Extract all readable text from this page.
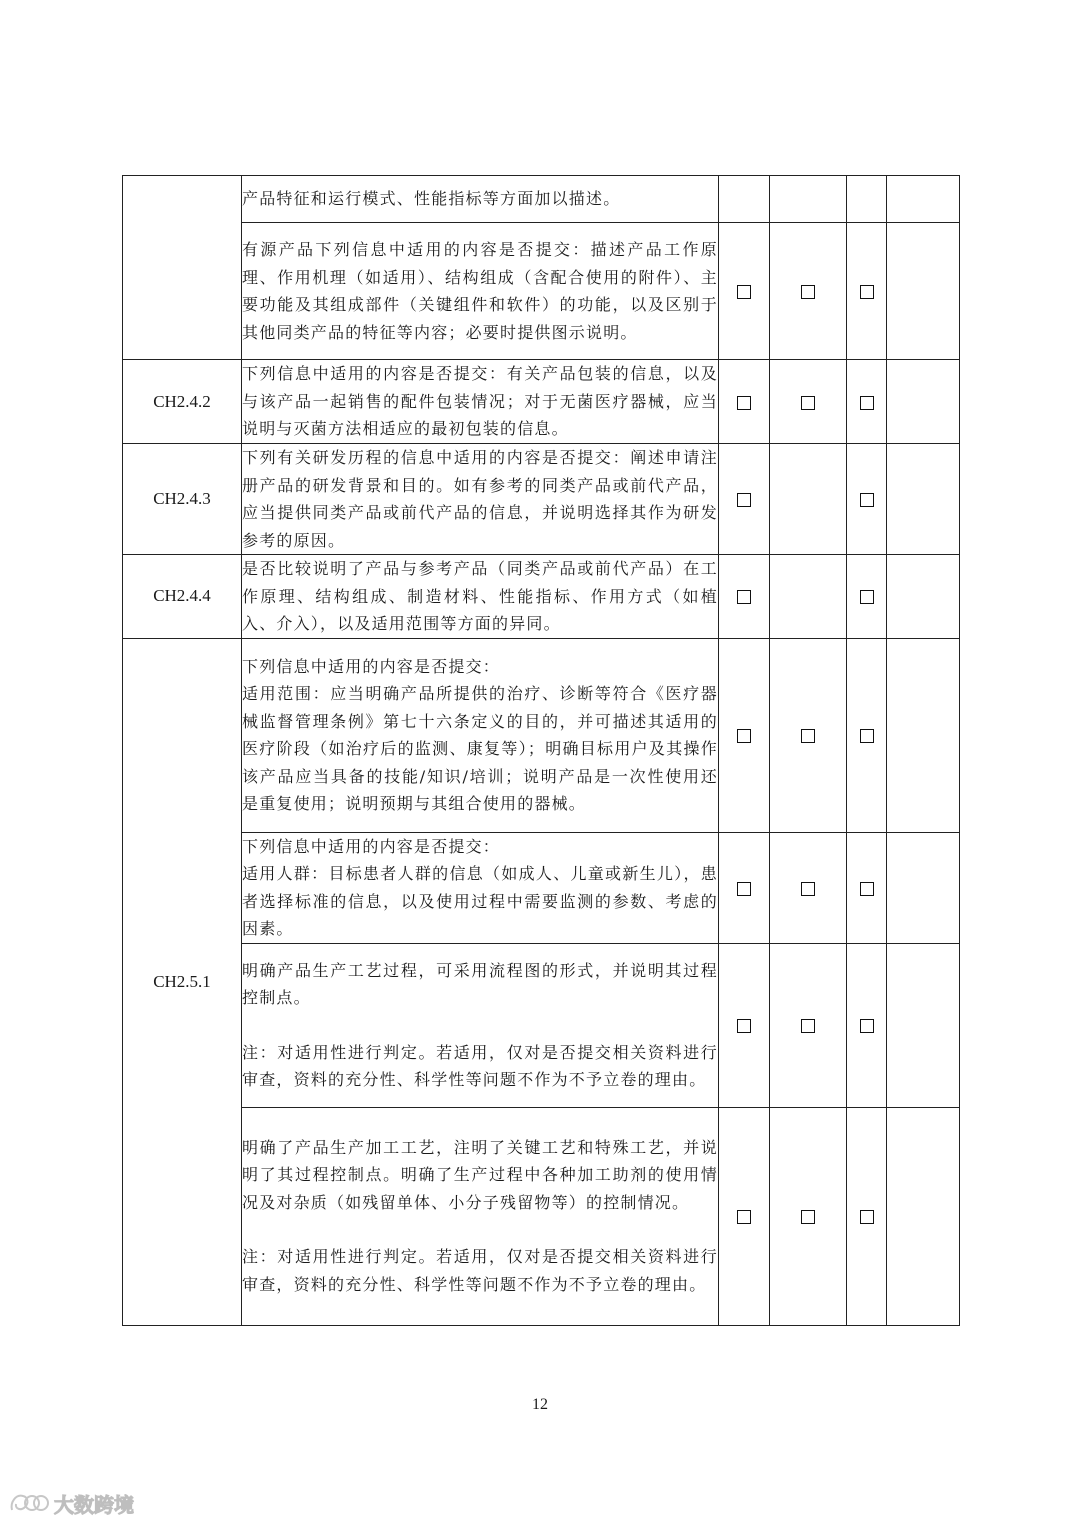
	产品特征和运行模式、性能指标等方面加以描述。				

	有源产品下列信息中适用的内容是否提交：描述产品工作原理、作用机理（如适用）、结构组成（含配合使用的附件）、主要功能及其组成部件（关键组件和软件）的功能，以及区别于其他同类产品的特征等内容；必要时提供图示说明。				

CH2.4.2	下列信息中适用的内容是否提交：有关产品包装的信息，以及与该产品一起销售的配件包装情况；对于无菌医疗器械，应当说明与灭菌方法相适应的最初包装的信息。				

CH2.4.3	下列有关研发历程的信息中适用的内容是否提交：阐述申请注册产品的研发背景和目的。如有参考的同类产品或前代产品，应当提供同类产品或前代产品的信息，并说明选择其作为研发参考的原因。				

CH2.4.4	是否比较说明了产品与参考产品（同类产品或前代产品）在工作原理、结构组成、制造材料、性能指标、作用方式（如植入、介入），以及适用范围等方面的异同。				

CH2.5.1	下列信息中适用的内容是否提交：
适用范围：应当明确产品所提供的治疗、诊断等符合《医疗器械监督管理条例》第七十六条定义的目的，并可描述其适用的医疗阶段（如治疗后的监测、康复等）；明确目标用户及其操作该产品应当具备的技能/知识/培训；说明产品是一次性使用还是重复使用；说明预期与其组合使用的器械。				

	下列信息中适用的内容是否提交：
适用人群：目标患者人群的信息（如成人、儿童或新生儿），患者选择标准的信息，以及使用过程中需要监测的参数、考虑的因素。				

	明确产品生产工艺过程，可采用流程图的形式，并说明其过程控制点。
注：对适用性进行判定。若适用，仅对是否提交相关资料进行审查，资料的充分性、科学性等问题不作为不予立卷的理由。				

	明确了产品生产加工工艺，注明了关键工艺和特殊工艺，并说明了其过程控制点。明确了生产过程中各种加工助剂的使用情况及对杂质（如残留单体、小分子残留物等）的控制情况。
注：对适用性进行判定。若适用，仅对是否提交相关资料进行审查，资料的充分性、科学性等问题不作为不予立卷的理由。				

12
大数跨境
